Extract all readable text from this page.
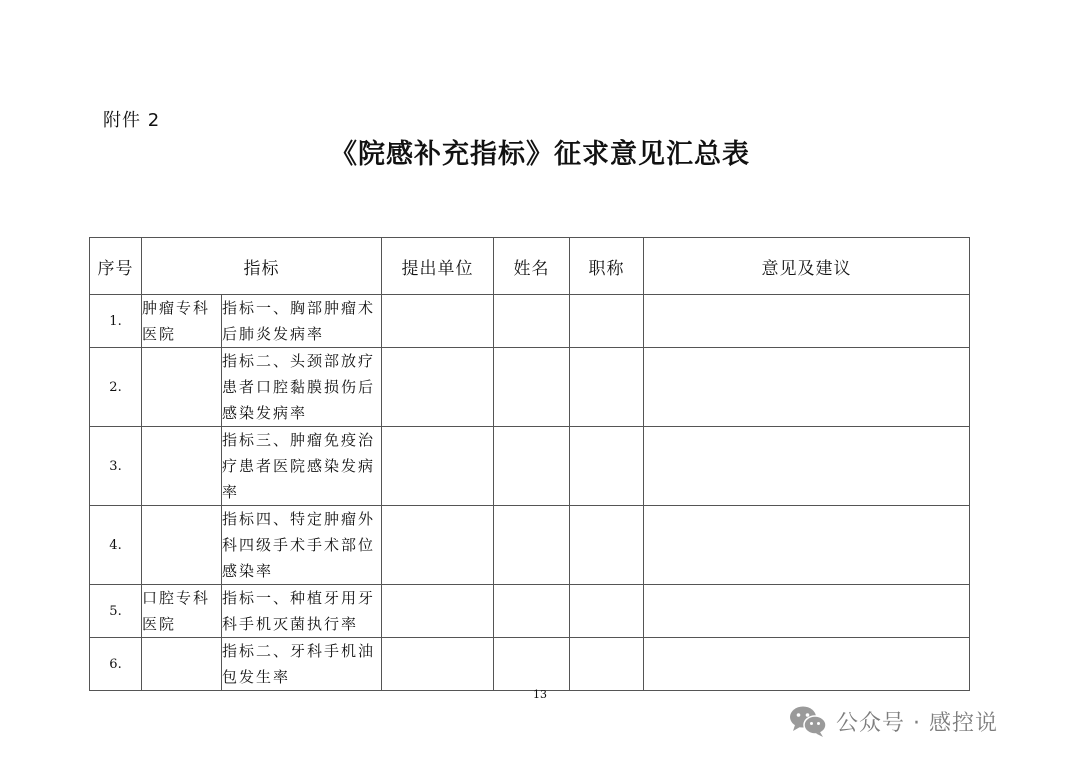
附件 2
《院感补充指标》征求意见汇总表
序号	指标		提出单位	姓名	职称	意见及建议
1.	肿瘤专科医院	指标一、胸部肿瘤术后肺炎发病率				
2.		指标二、头颈部放疗患者口腔黏膜损伤后感染发病率				
3.		指标三、肿瘤免疫治疗患者医院感染发病率				
4.		指标四、特定肿瘤外科四级手术手术部位感染率				
5.	口腔专科医院	指标一、种植牙用牙科手机灭菌执行率				
6.		指标二、牙科手机油包发生率				
13
公众号 · 感控说
